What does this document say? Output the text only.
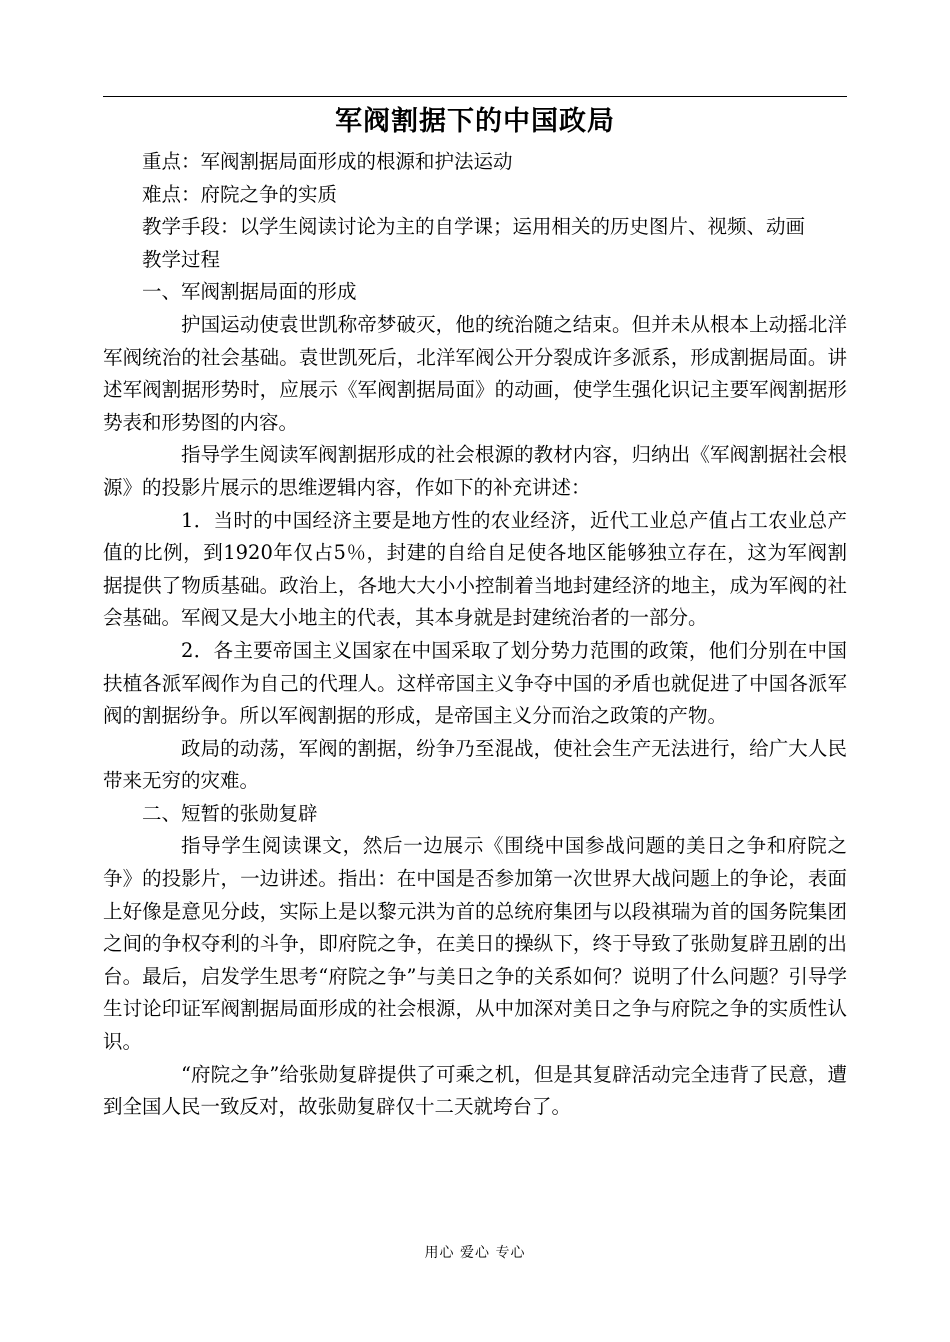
军阀割据下的中国政局

重点：军阀割据局面形成的根源和护法运动

难点：府院之争的实质

教学手段：以学生阅读讨论为主的自学课；运用相关的历史图片、视频、动画

教学过程

一、军阀割据局面的形成

护国运动使袁世凯称帝梦破灭，他的统治随之结束。但并未从根本上动摇北洋军阀统治的社会基础。袁世凯死后，北洋军阀公开分裂成许多派系，形成割据局面。讲述军阀割据形势时，应展示《军阀割据局面》的动画，使学生强化识记主要军阀割据形势表和形势图的内容。

指导学生阅读军阀割据形成的社会根源的教材内容，归纳出《军阀割据社会根源》的投影片展示的思维逻辑内容，作如下的补充讲述：

1．当时的中国经济主要是地方性的农业经济，近代工业总产值占工农业总产值的比例，到1920年仅占5％，封建的自给自足使各地区能够独立存在，这为军阀割据提供了物质基础。政治上，各地大大小小控制着当地封建经济的地主，成为军阀的社会基础。军阀又是大小地主的代表，其本身就是封建统治者的一部分。

2．各主要帝国主义国家在中国采取了划分势力范围的政策，他们分别在中国扶植各派军阀作为自己的代理人。这样帝国主义争夺中国的矛盾也就促进了中国各派军阀的割据纷争。所以军阀割据的形成，是帝国主义分而治之政策的产物。

政局的动荡，军阀的割据，纷争乃至混战，使社会生产无法进行，给广大人民带来无穷的灾难。

二、短暂的张勋复辟

指导学生阅读课文，然后一边展示《围绕中国参战问题的美日之争和府院之争》的投影片，一边讲述。指出：在中国是否参加第一次世界大战问题上的争论，表面上好像是意见分歧，实际上是以黎元洪为首的总统府集团与以段祺瑞为首的国务院集团之间的争权夺利的斗争，即府院之争，在美日的操纵下，终于导致了张勋复辟丑剧的出台。最后，启发学生思考“府院之争”与美日之争的关系如何？说明了什么问题？引导学生讨论印证军阀割据局面形成的社会根源，从中加深对美日之争与府院之争的实质性认识。

“府院之争”给张勋复辟提供了可乘之机，但是其复辟活动完全违背了民意，遭到全国人民一致反对，故张勋复辟仅十二天就垮台了。

用心 爱心 专心
